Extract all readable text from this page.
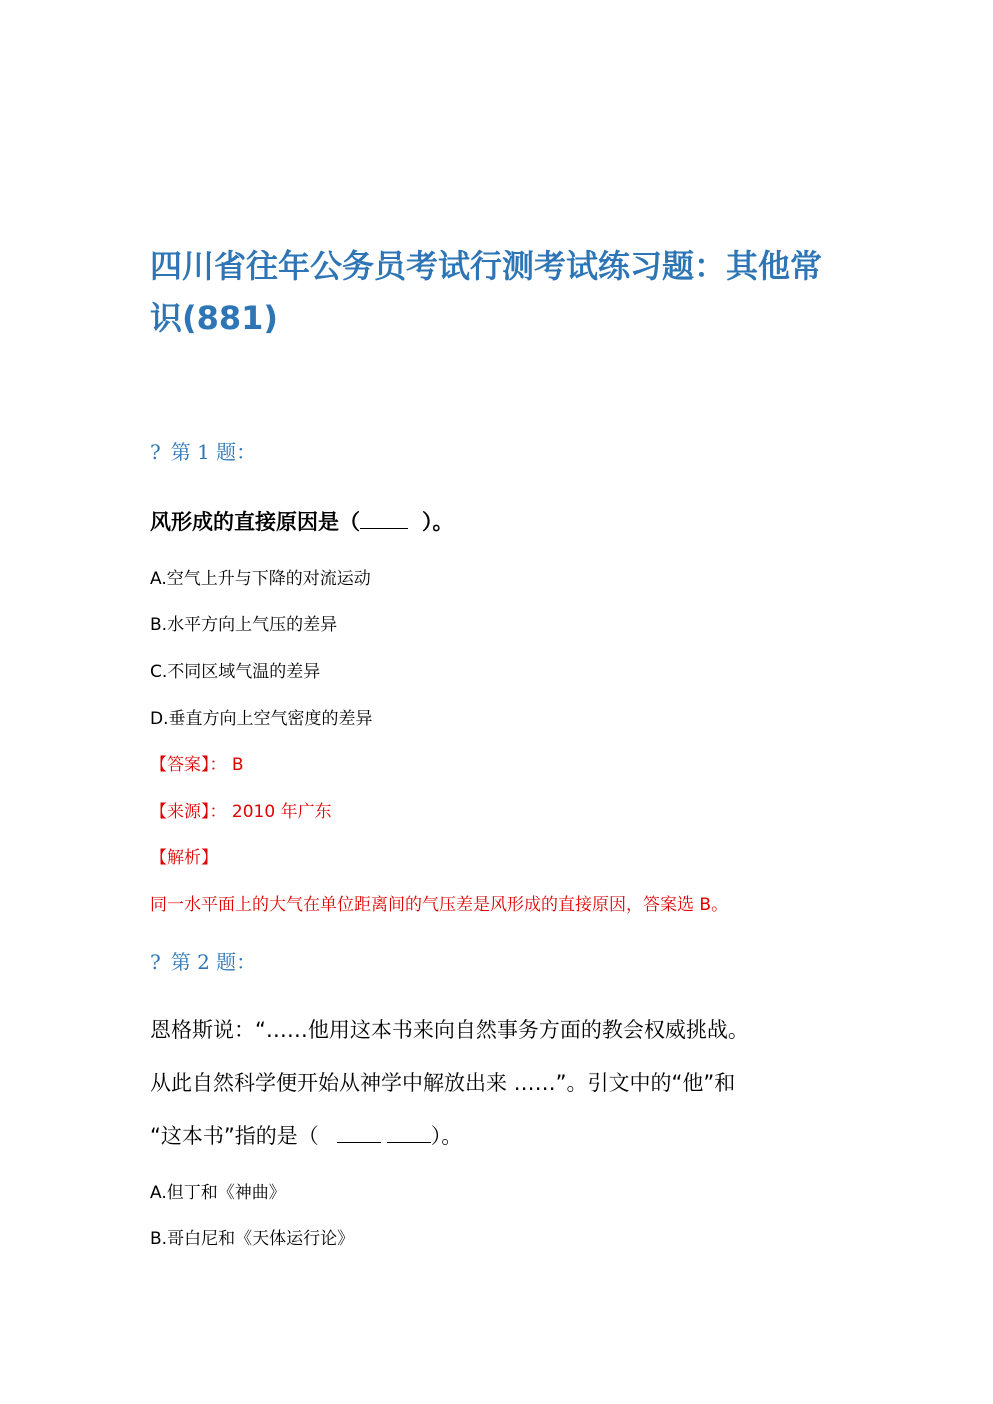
四川省往年公务员考试行测考试练习题：其他常识(881)
? 第 1 题：
风形成的直接原因是（	）。
A.空气上升与下降的对流运动
B.水平方向上气压的差异
C.不同区域气温的差异
D.垂直方向上空气密度的差异
【答案】： B
【来源】： 2010 年广东
【解析】
同一水平面上的大气在单位距离间的气压差是风形成的直接原因，答案选 B。
? 第 2 题：
恩格斯说：“……他用这本书来向自然事务方面的教会权威挑战。
从此自然科学便开始从神学中解放出来 ……”。引文中的“他”和
“这本书”指的是（	）。
A.但丁和《神曲》
B.哥白尼和《天体运行论》
